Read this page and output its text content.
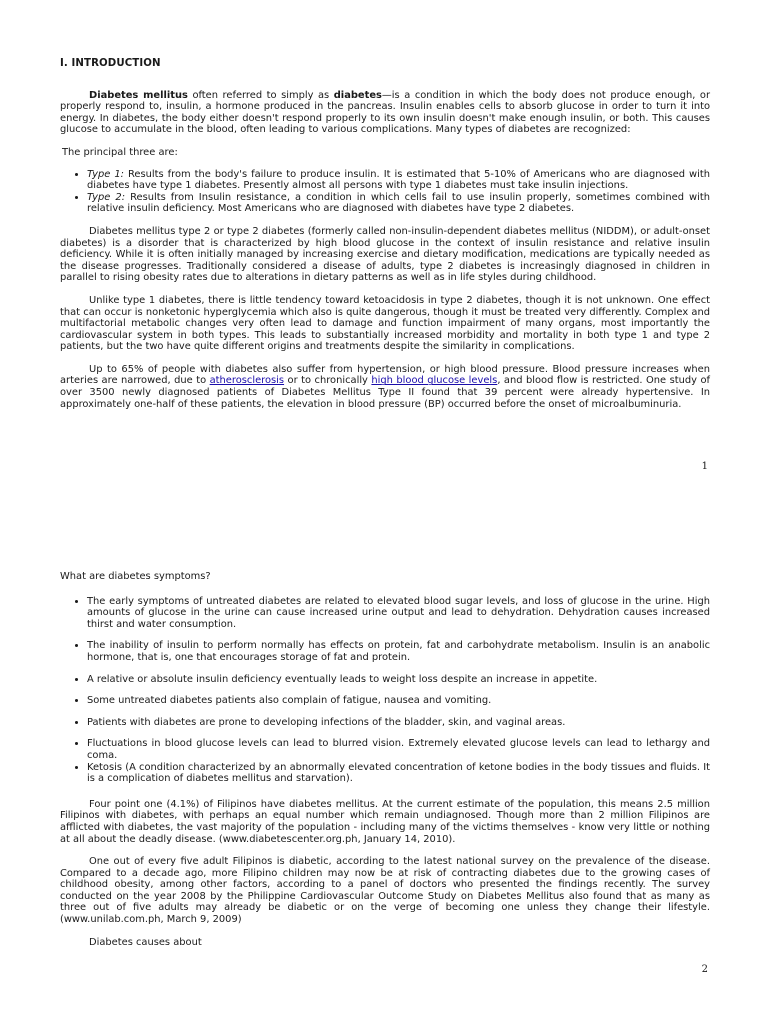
I. INTRODUCTION

Diabetes mellitus often referred to simply as diabetes—is a condition in which the body does not produce enough, or properly respond to, insulin, a hormone produced in the pancreas. Insulin enables cells to absorb glucose in order to turn it into energy. In diabetes, the body either doesn't respond properly to its own insulin doesn't make enough insulin, or both. This causes glucose to accumulate in the blood, often leading to various complications. Many types of diabetes are recognized:

The principal three are:

• Type 1: Results from the body's failure to produce insulin. It is estimated that 5-10% of Americans who are diagnosed with diabetes have type 1 diabetes. Presently almost all persons with type 1 diabetes must take insulin injections.
• Type 2: Results from Insulin resistance, a condition in which cells fail to use insulin properly, sometimes combined with relative insulin deficiency. Most Americans who are diagnosed with diabetes have type 2 diabetes.

Diabetes mellitus type 2 or type 2 diabetes (formerly called non-insulin-dependent diabetes mellitus (NIDDM), or adult-onset diabetes) is a disorder that is characterized by high blood glucose in the context of insulin resistance and relative insulin deficiency. While it is often initially managed by increasing exercise and dietary modification, medications are typically needed as the disease progresses. Traditionally considered a disease of adults, type 2 diabetes is increasingly diagnosed in children in parallel to rising obesity rates due to alterations in dietary patterns as well as in life styles during childhood.

Unlike type 1 diabetes, there is little tendency toward ketoacidosis in type 2 diabetes, though it is not unknown. One effect that can occur is nonketonic hyperglycemia which also is quite dangerous, though it must be treated very differently. Complex and multifactorial metabolic changes very often lead to damage and function impairment of many organs, most importantly the cardiovascular system in both types. This leads to substantially increased morbidity and mortality in both type 1 and type 2 patients, but the two have quite different origins and treatments despite the similarity in complications.

Up to 65% of people with diabetes also suffer from hypertension, or high blood pressure. Blood pressure increases when arteries are narrowed, due to atherosclerosis or to chronically high blood glucose levels, and blood flow is restricted. One study of over 3500 newly diagnosed patients of Diabetes Mellitus Type II found that 39 percent were already hypertensive. In approximately one-half of these patients, the elevation in blood pressure (BP) occurred before the onset of microalbuminuria.

1

What are diabetes symptoms?

• The early symptoms of untreated diabetes are related to elevated blood sugar levels, and loss of glucose in the urine. High amounts of glucose in the urine can cause increased urine output and lead to dehydration. Dehydration causes increased thirst and water consumption.
• The inability of insulin to perform normally has effects on protein, fat and carbohydrate metabolism. Insulin is an anabolic hormone, that is, one that encourages storage of fat and protein.
• A relative or absolute insulin deficiency eventually leads to weight loss despite an increase in appetite.
• Some untreated diabetes patients also complain of fatigue, nausea and vomiting.
• Patients with diabetes are prone to developing infections of the bladder, skin, and vaginal areas.
• Fluctuations in blood glucose levels can lead to blurred vision. Extremely elevated glucose levels can lead to lethargy and coma.
• Ketosis (A condition characterized by an abnormally elevated concentration of ketone bodies in the body tissues and fluids. It is a complication of diabetes mellitus and starvation).

Four point one (4.1%) of Filipinos have diabetes mellitus. At the current estimate of the population, this means 2.5 million Filipinos with diabetes, with perhaps an equal number which remain undiagnosed. Though more than 2 million Filipinos are afflicted with diabetes, the vast majority of the population - including many of the victims themselves - know very little or nothing at all about the deadly disease. (www.diabetescenter.org.ph, January 14, 2010).

One out of every five adult Filipinos is diabetic, according to the latest national survey on the prevalence of the disease. Compared to a decade ago, more Filipino children may now be at risk of contracting diabetes due to the growing cases of childhood obesity, among other factors, according to a panel of doctors who presented the findings recently. The survey conducted on the year 2008 by the Philippine Cardiovascular Outcome Study on Diabetes Mellitus also found that as many as three out of five adults may already be diabetic or on the verge of becoming one unless they change their lifestyle. (www.unilab.com.ph, March 9, 2009)

Diabetes causes about

2
